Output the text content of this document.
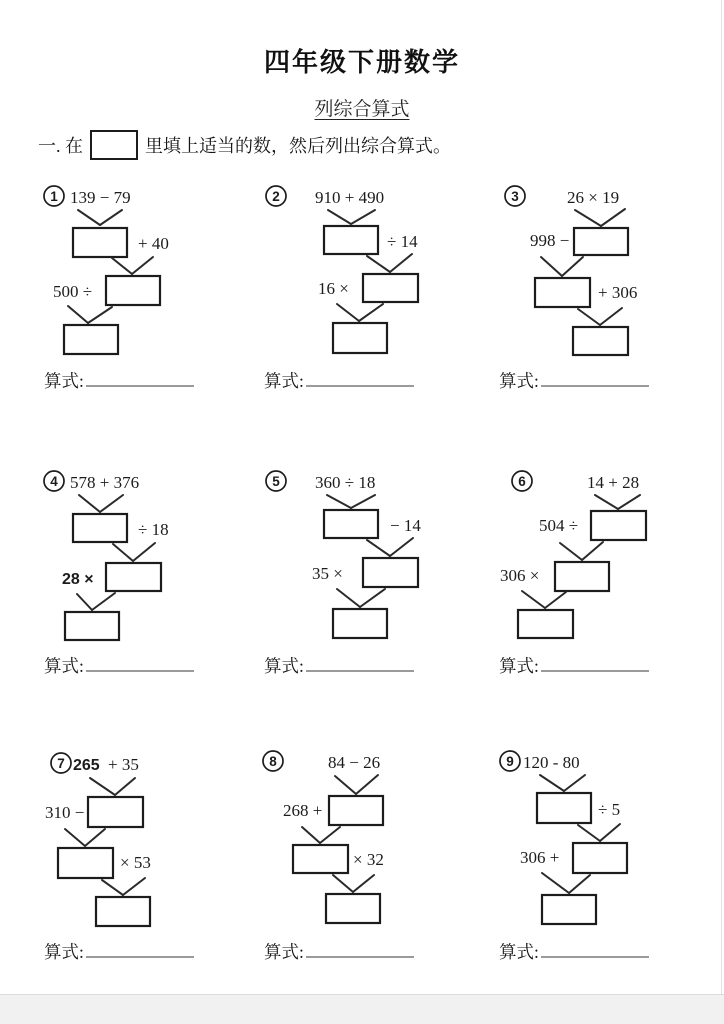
四年级下册数学
列综合算式
一. 在	里填上适当的数，然后列出综合算式。
1 139 − 79
+ 40
500 ÷
算式:
2 910 + 490
÷ 14
16 ×
算式:
3	26 × 19
998 −
+ 306
算式:
4 578 + 376
÷ 18
28 ×
算式:
5 360 ÷ 18
− 14
35 ×
算式:
6	14 + 28
504 ÷
306 ×
算式:
7 265 + 35
310 −
× 53
算式:
8	84 − 26
268 +
× 32
算式:
9 120 - 80
÷ 5
306 +
算式:
